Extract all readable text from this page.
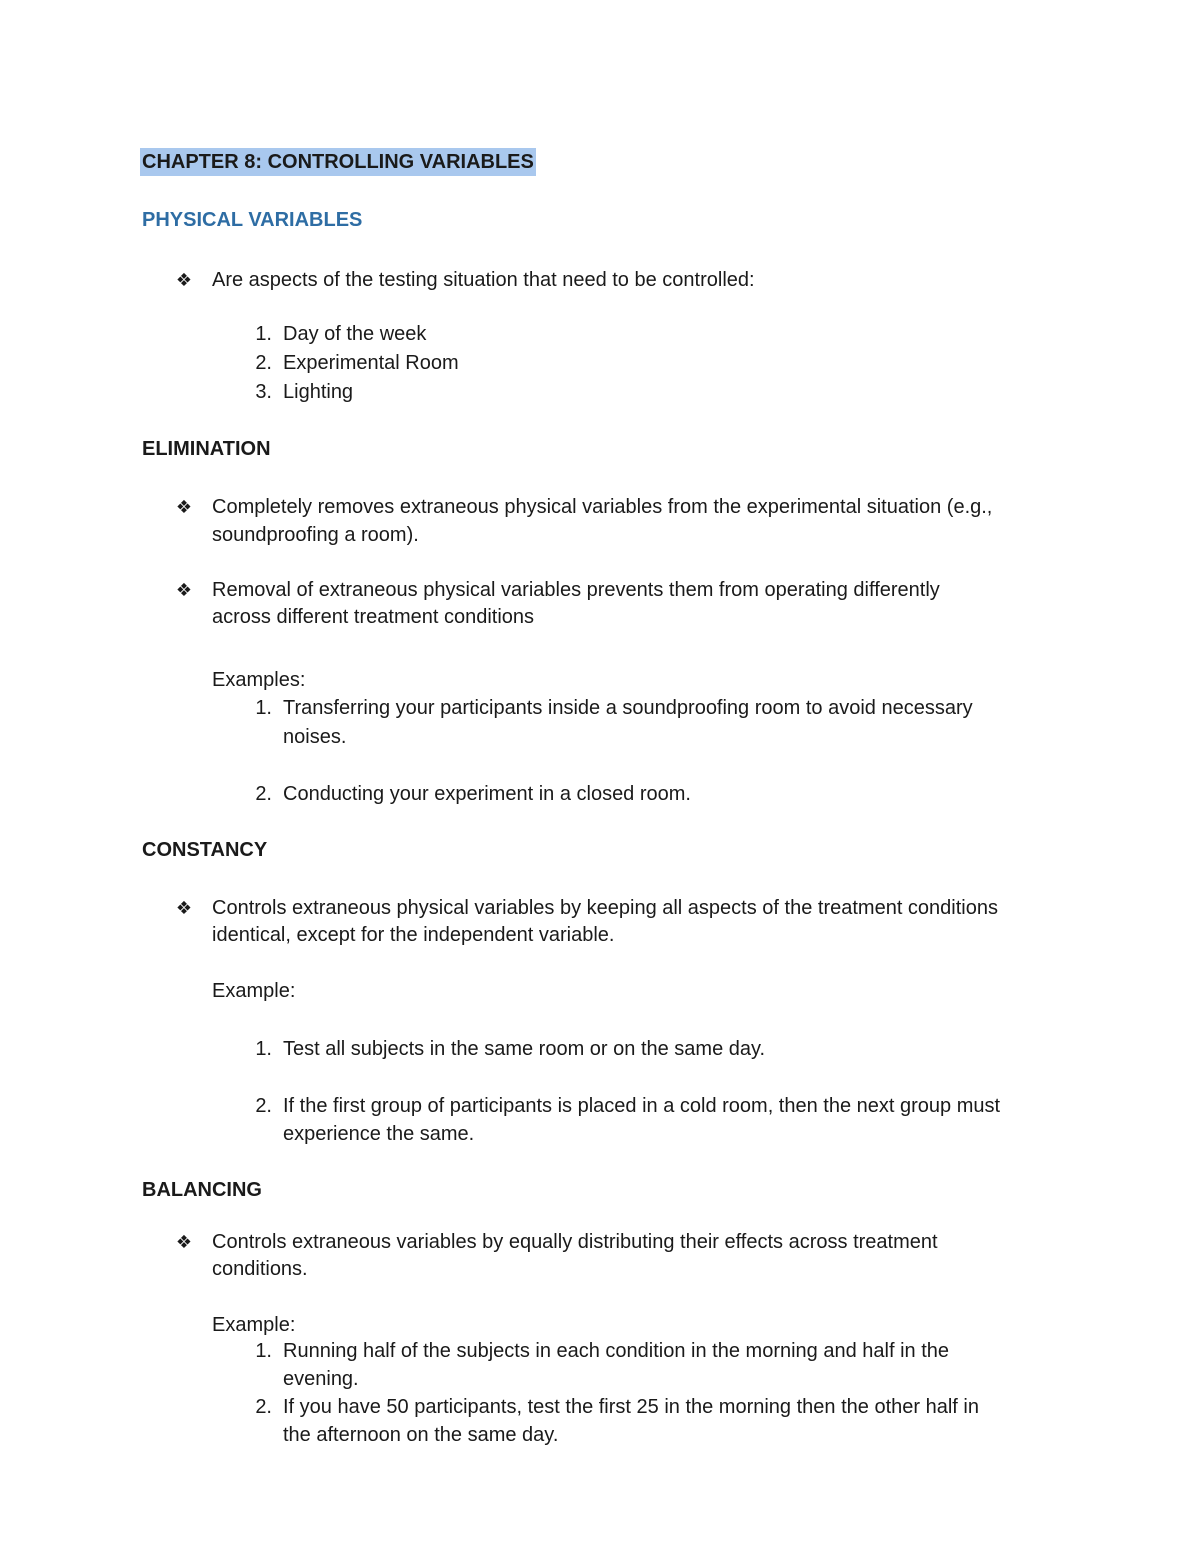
CHAPTER 8: CONTROLLING VARIABLES
PHYSICAL VARIABLES
❖ Are aspects of the testing situation that need to be controlled:
1. Day of the week
2. Experimental Room
3. Lighting
ELIMINATION
❖ Completely removes extraneous physical variables from the experimental situation (e.g.,
soundproofing a room).
❖ Removal of extraneous physical variables prevents them from operating differently
across different treatment conditions
Examples:
1. Transferring your participants inside a soundproofing room to avoid necessary
noises.
2. Conducting your experiment in a closed room.
CONSTANCY
❖ Controls extraneous physical variables by keeping all aspects of the treatment conditions
identical, except for the independent variable.
Example:
1. Test all subjects in the same room or on the same day.
2. If the first group of participants is placed in a cold room, then the next group must
experience the same.
BALANCING
❖ Controls extraneous variables by equally distributing their effects across treatment
conditions.
Example:
1. Running half of the subjects in each condition in the morning and half in the
evening.
2. If you have 50 participants, test the first 25 in the morning then the other half in
the afternoon on the same day.
